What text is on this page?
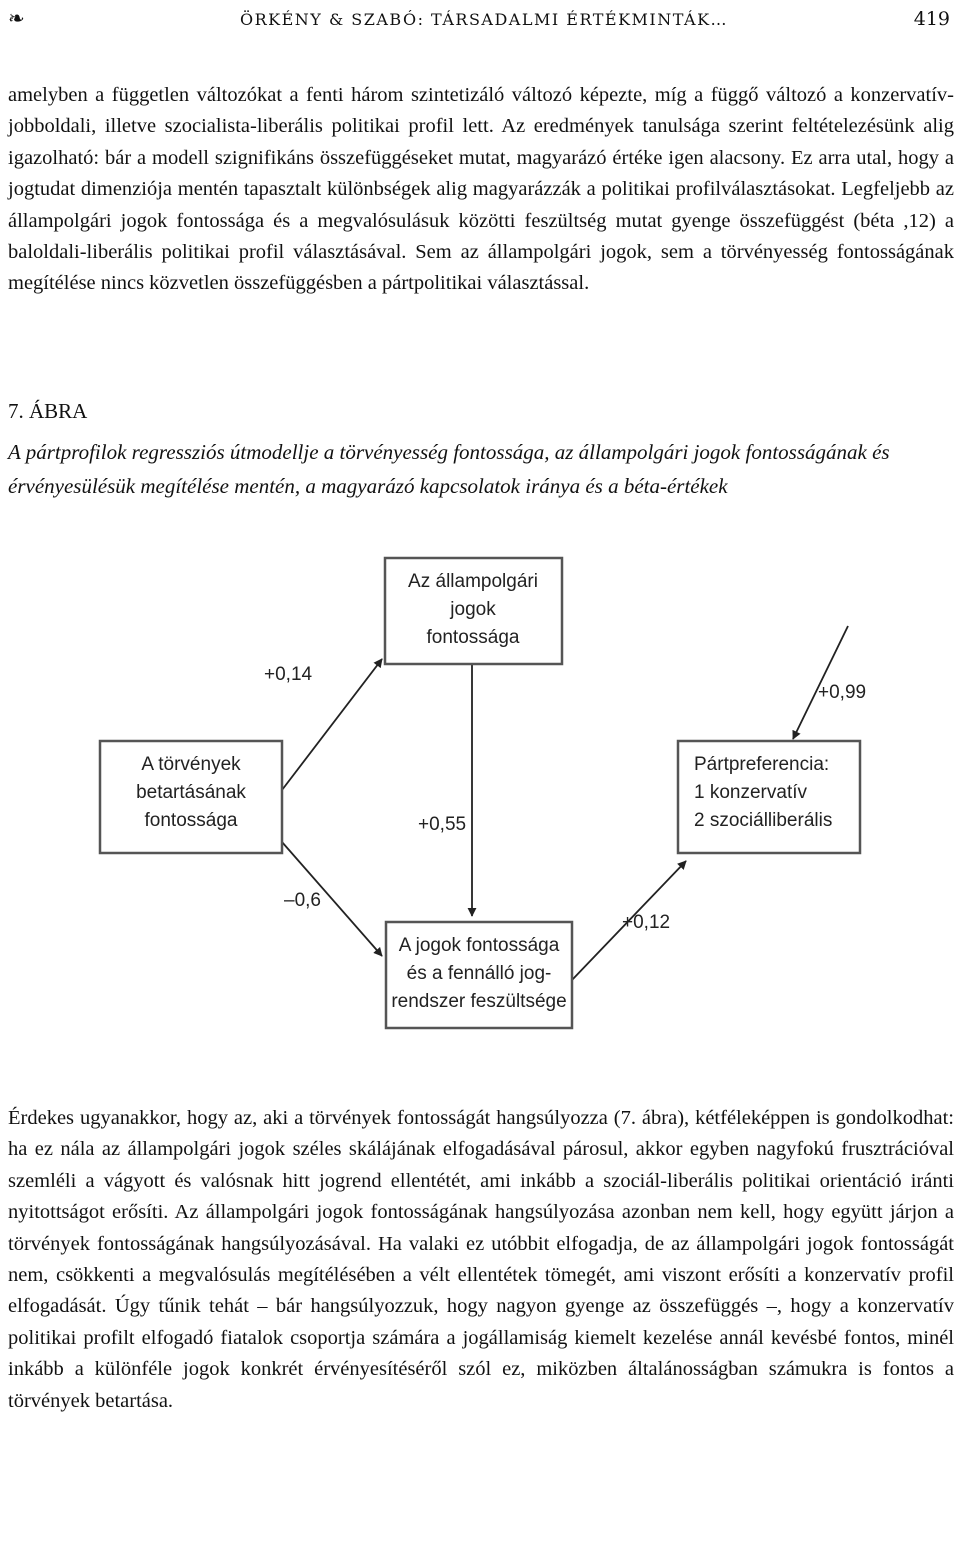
❧	ÖRKÉNY & SZABÓ: TÁRSADALMI ÉRTÉKMINTÁK…	419

amelyben a független változókat a fenti három szintetizáló változó képezte, míg a függő változó a konzervatív-jobboldali, illetve szocialista-liberális politikai profil lett. Az eredmények tanulsága szerint feltételezésünk alig igazolható: bár a modell szignifikáns összefüggéseket mutat, magyarázó értéke igen alacsony. Ez arra utal, hogy a jogtudat dimenziója mentén tapasztalt különbségek alig magyarázzák a politikai profilválasztásokat. Legfeljebb az állampolgári jogok fontossága és a megvalósulásuk közötti feszültség mutat gyenge összefüggést (béta ,12) a baloldali-liberális politikai profil választásával. Sem az állampolgári jogok, sem a törvényesség fontosságának megítélése nincs közvetlen összefüggésben a pártpolitikai választással.

7. ÁBRA

A pártprofilok regressziós útmodellje a törvényesség fontossága, az állampolgári jogok fontosságának és érvényesülésük megítélése mentén, a magyarázó kapcsolatok iránya és a béta-értékek

A törvények
betartásának
fontossága
Az állampolgári
jogok
fontossága
A jogok fontossága
és a fennálló jog-
rendszer feszültsége
Pártpreferencia:
1 konzervatív
2 szociálliberális
+0,14
–0,6
+0,55
+0,99
+0,12

Érdekes ugyanakkor, hogy az, aki a törvények fontosságát hangsúlyozza (7. ábra), kétféleképpen is gondolkodhat: ha ez nála az állampolgári jogok széles skálájának elfogadásával párosul, akkor egyben nagyfokú frusztrációval szemléli a vágyott és valósnak hitt jogrend ellentétét, ami inkább a szociál-liberális politikai orientáció iránti nyitottságot erősíti. Az állampolgári jogok fontosságának hangsúlyozása azonban nem kell, hogy együtt járjon a törvények fontosságának hangsúlyozásával. Ha valaki ez utóbbit elfogadja, de az állampolgári jogok fontosságát nem, csökkenti a megvalósulás megítélésében a vélt ellentétek tömegét, ami viszont erősíti a konzervatív profil elfogadását. Úgy tűnik tehát – bár hangsúlyozzuk, hogy nagyon gyenge az összefüggés –, hogy a konzervatív politikai profilt elfogadó fiatalok csoportja számára a jogállamiság kiemelt kezelése annál kevésbé fontos, minél inkább a különféle jogok konkrét érvényesítéséről szól ez, miközben általánosságban számukra is fontos a törvények betartása.
